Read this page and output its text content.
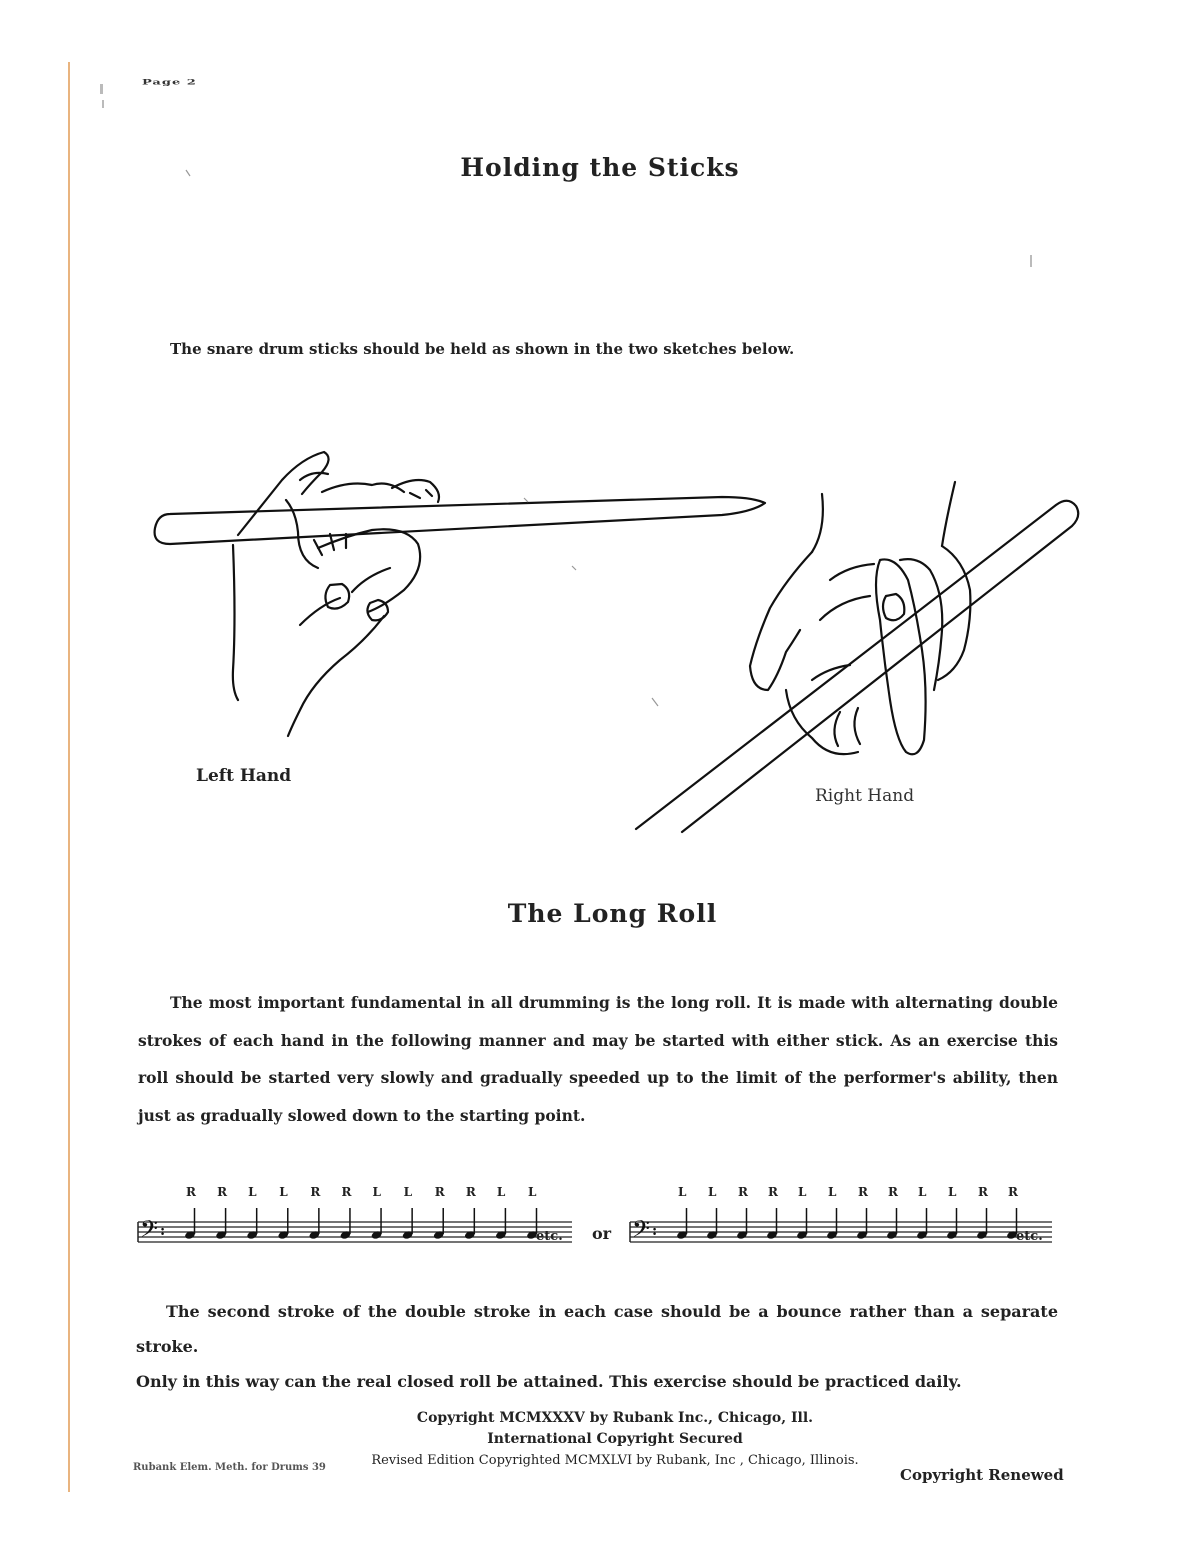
Page 2
Holding the Sticks
The snare drum sticks should be held as shown in the two sketches below.
Left Hand
Right Hand
The Long Roll

The most important fundamental in all drumming is the long roll. It is made with alternating double

strokes of each hand in the following manner and may be started with either stick. As an exercise this

roll should be started very slowly and gradually speeded up to the limit of the performer's ability, then

just as gradually slowed down to the starting point.

𝄢 :
R R L L R R L L R R L L
etc. 𝄢 :
L L R R L L R R L L R R
etc.
or

The second stroke of the double stroke in each case should be a bounce rather than a separate stroke.

Only in this way can the real closed roll be attained. This exercise should be practiced daily.

Copyright MCMXXXV by Rubank Inc., Chicago, Ill.
International Copyright Secured
Revised Edition Copyrighted MCMXLVI by Rubank, Inc , Chicago, Illinois.
Rubank Elem. Meth. for Drums 39	Copyright Renewed
